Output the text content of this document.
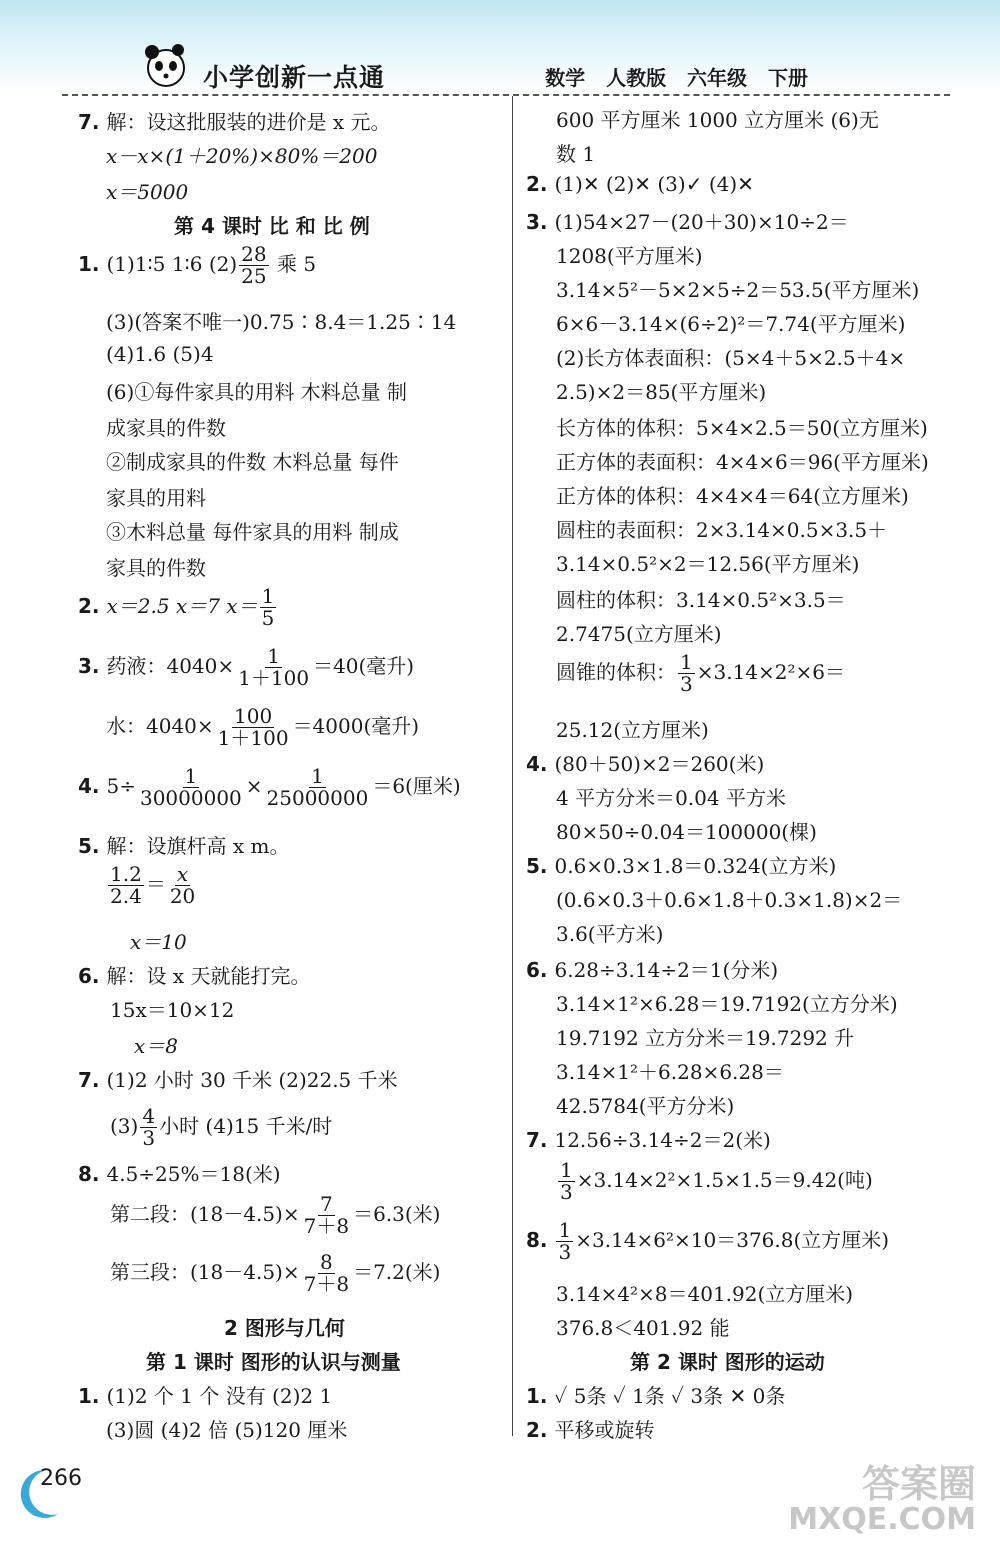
小学创新一点通	数学 人教版 六年级 下册
7. 解：设这批服装的进价是 x 元。
x－x×(1＋20%)×80%＝200
x＝5000
第 4 课时 比 和 比 例
1. (1)1∶5 1∶6 $(2) \frac{28}{25}$ 乘 5
(3)(答案不唯一)0.75∶8.4＝1.25∶14
(4)1.6 (5)4
(6)①每件家具的用料 木料总量 制
成家具的件数
②制成家具的件数 木料总量 每件
家具的用料
③木料总量 每件家具的用料 制成
家具的件数
2. x＝2.5 x＝7 $x= \frac{1}{5}$
3. 药液：$4040\times \frac{1}{1+100} =40$(毫升)
水：$4040\times \frac{100}{1+100} =4000$(毫升)
4. $5\div \frac{1}{30000000} \times \frac{1}{25000000} =6$(厘米)
5. 解：设旗杆高 x m。
$\frac{1.2}{2.4} = \frac{x}{20}$
x＝10
6. 解：设 x 天就能打完。
15x＝10×12
x＝8
7. (1)2 小时 30 千米 (2)22.5 千米
$(3) \frac{4}{3}$ 小时 (4)15 千米/时
8. 4.5÷25%＝18(米)
第二段：$(18-4.5)\times \frac{7}{7+8} =6.3$(米)
第三段：$(18-4.5)\times \frac{8}{7+8} =7.2$(米)
2 图形与几何
第 1 课时 图形的认识与测量
1. (1)2 个 1 个 没有 (2)2 1
(3)圆 (4)2 倍 (5)120 厘米
600 平方厘米 1000 立方厘米 (6)无
数 1
2. (1)✕ (2)✕ (3)✓ (4)✕
3. (1)54×27－(20＋30)×10÷2＝
1208(平方厘米)
3.14×5²－5×2×5÷2＝53.5(平方厘米)
6×6－3.14×(6÷2)²＝7.74(平方厘米)
(2)长方体表面积：(5×4＋5×2.5＋4×
2.5)×2＝85(平方厘米)
长方体的体积：5×4×2.5＝50(立方厘米)
正方体的表面积：4×4×6＝96(平方厘米)
正方体的体积：4×4×4＝64(立方厘米)
圆柱的表面积：2×3.14×0.5×3.5＋
3.14×0.5²×2＝12.56(平方厘米)
圆柱的体积：3.14×0.5²×3.5＝
2.7475(立方厘米)
圆锥的体积： $\frac{1}{3} \times 3.14\times 2^2\times 6=$
25.12(立方厘米)
4. (80＋50)×2＝260(米)
4 平方分米＝0.04 平方米
80×50÷0.04＝100000(棵)
5. 0.6×0.3×1.8＝0.324(立方米)
(0.6×0.3＋0.6×1.8＋0.3×1.8)×2＝
3.6(平方米)
6. 6.28÷3.14÷2＝1(分米)
3.14×1²×6.28＝19.7192(立方分米)
19.7192 立方分米＝19.7292 升
3.14×1²＋6.28×6.28＝
42.5784(平方分米)
7. 12.56÷3.14÷2＝2(米)
$\frac{1}{3} \times 3.14\times 2^2\times 1.5\times 1.5=9.42$(吨)
8. $\frac{1}{3} \times 3.14\times 6^2\times 10=376.8$(立方厘米)
3.14×4²×8＝401.92(立方厘米)
376.8＜401.92 能
第 2 课时 图形的运动
1. ✓ 5条 ✓ 1条 ✓ 3条 ✕ 0条
2. 平移或旋转
266	答案圈
MXQE.COM
